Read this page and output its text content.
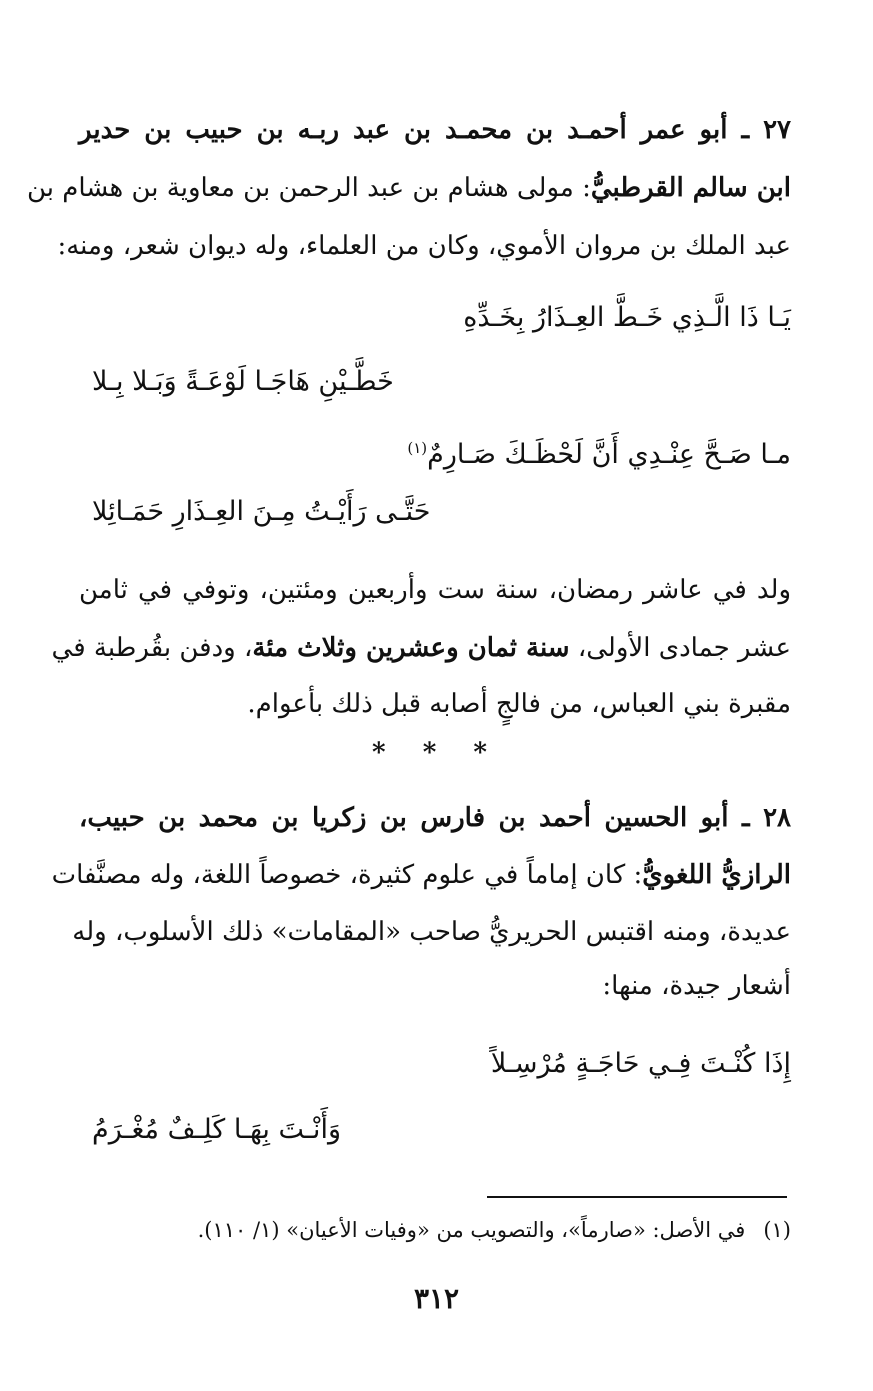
٢٧ ـ أبو عمر أحمـد بن محمـد بن عبد ربـه بن حبيب بن حدير
ابن سالم القرطبيُّ: مولى هشام بن عبد الرحمن بن معاوية بن هشام بن
عبد الملك بن مروان الأموي، وكان من العلماء، وله ديوان شعر، ومنه:
يَـا ذَا الَّـذِي خَـطَّ العِـذَارُ بِخَـدِّهِ
خَطَّـيْنِ هَاجَـا لَوْعَـةً وَبَـلا بِـلا
مـا صَـحَّ عِنْـدِي أَنَّ لَحْظَـكَ صَـارِمٌ$^{(١)}$
حَتَّـى رَأَيْـتُ مِـنَ العِـذَارِ حَمَـائِلا
ولد في عاشر رمضان، سنة ست وأربعين ومئتين، وتوفي في ثامن
عشر جمادى الأولى، سنة ثمان وعشرين وثلاث مئة، ودفن بقُرطبة في
مقبرة بني العباس، من فالجٍ أصابه قبل ذلك بأعوام.
* * *
٢٨ ـ أبو الحسين أحمد بن فارس بن زكريا بن محمد بن حبيب،
الرازيُّ اللغويُّ: كان إماماً في علوم كثيرة، خصوصاً اللغة، وله مصنَّفات
عديدة، ومنه اقتبس الحريريُّ صاحب «المقامات» ذلك الأسلوب، وله
أشعار جيدة، منها:
إِذَا كُنْـتَ فِـي حَاجَـةٍ مُرْسِـلاً
وَأَنْـتَ بِهَـا كَلِـفٌ مُغْـرَمُ
(١)في الأصل: «صارماً»، والتصويب من «وفيات الأعيان» (١/ ١١٠).
٣١٢
